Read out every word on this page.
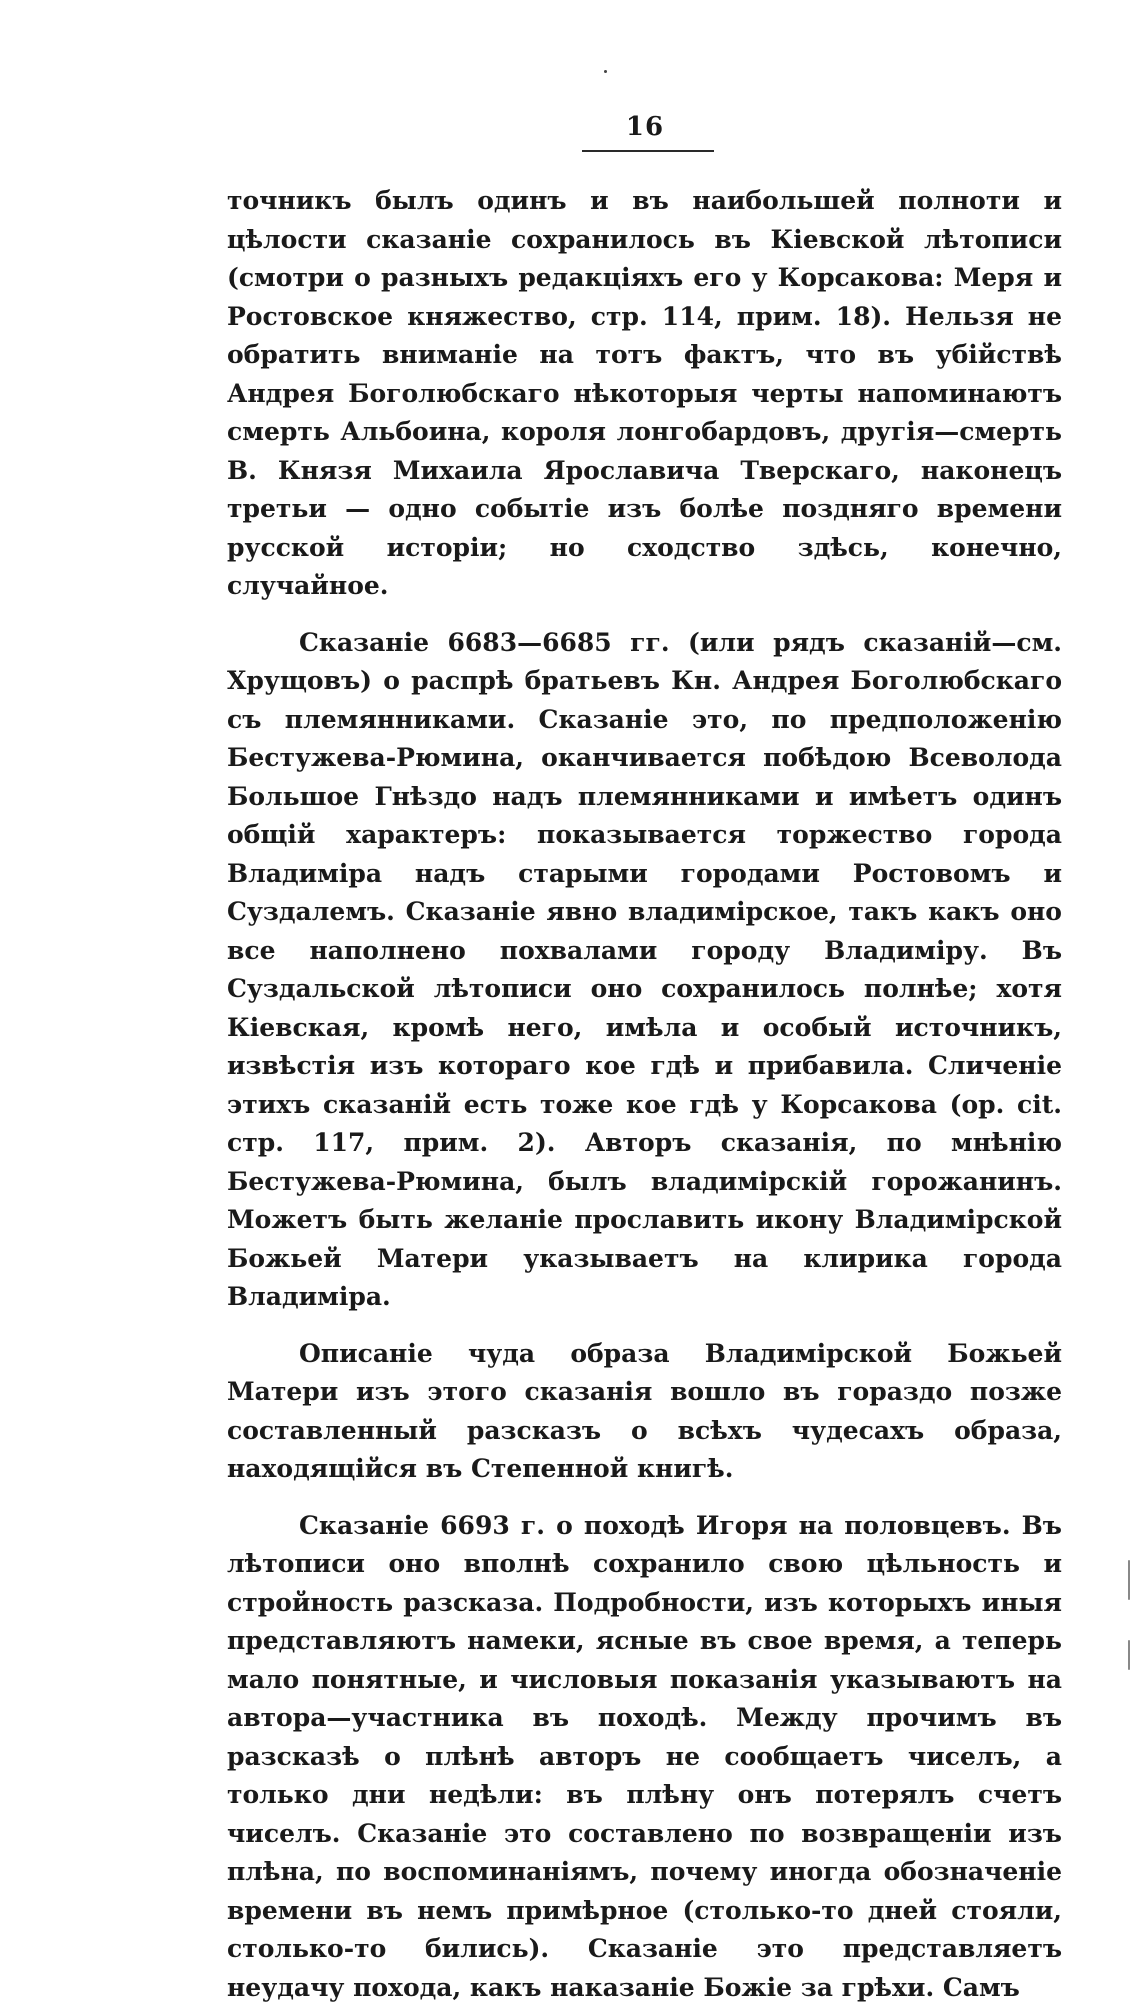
16

точникъ былъ одинъ и въ наибольшей полноти и цѣлости сказаніе сохранилось въ Кіевской лѣтописи (смотри о разныхъ редакціяхъ его у Корсакова: Меря и Ростовское княжество, стр. 114, прим. 18). Нельзя не обратить вниманіе на тотъ фактъ, что въ убійствѣ Андрея Боголюбскаго нѣкоторыя черты напоминаютъ смерть Альбоина, короля лонгобардовъ, другія—смерть В. Князя Михаила Ярославича Тверскаго, наконецъ третьи — одно событіе изъ болѣе поздняго времени русской исторіи; но сходство здѣсь, конечно, случайное.

Сказаніе 6683—6685 гг. (или рядъ сказаній—см. Хрущовъ) о распрѣ братьевъ Кн. Андрея Боголюбскаго съ племянниками. Сказаніе это, по предположенію Бестужева-Рюмина, оканчивается побѣдою Всеволода Большое Гнѣздо надъ племянниками и имѣетъ одинъ общій характеръ: показывается торжество города Владиміра надъ старыми городами Ростовомъ и Суздалемъ. Сказаніе явно владимірское, такъ какъ оно все наполнено похвалами городу Владиміру. Въ Суздальской лѣтописи оно сохранилось полнѣе; хотя Кіевская, кромѣ него, имѣла и особый источникъ, извѣстія изъ котораго кое гдѣ и прибавила. Сличеніе этихъ сказаній есть тоже кое гдѣ у Корсакова (op. cit. стр. 117, прим. 2). Авторъ сказанія, по мнѣнію Бестужева-Рюмина, былъ владимірскій горожанинъ. Можетъ быть желаніе прославить икону Владимірской Божьей Матери указываетъ на клирика города Владиміра.

Описаніе чуда образа Владимірской Божьей Матери изъ этого сказанія вошло въ гораздо позже составленный разсказъ о всѣхъ чудесахъ образа, находящійся въ Степенной книгѣ.

Сказаніе 6693 г. о походѣ Игоря на половцевъ. Въ лѣтописи оно вполнѣ сохранило свою цѣльность и стройность разсказа. Подробности, изъ которыхъ иныя представляютъ намеки, ясные въ свое время, а теперь мало понятные, и числовыя показанія указываютъ на автора—участника въ походѣ. Между прочимъ въ разсказѣ о плѣнѣ авторъ не сообщаетъ чиселъ, а только дни недѣли: въ плѣну онъ потерялъ счетъ чиселъ. Сказаніе это составлено по возвращеніи изъ плѣна, по воспоминаніямъ, почему иногда обозначеніе времени въ немъ примѣрное (столько-то дней стояли, столько-то бились). Сказаніе это представляетъ неудачу похода, какъ наказаніе Божіе за грѣхи. Самъ
